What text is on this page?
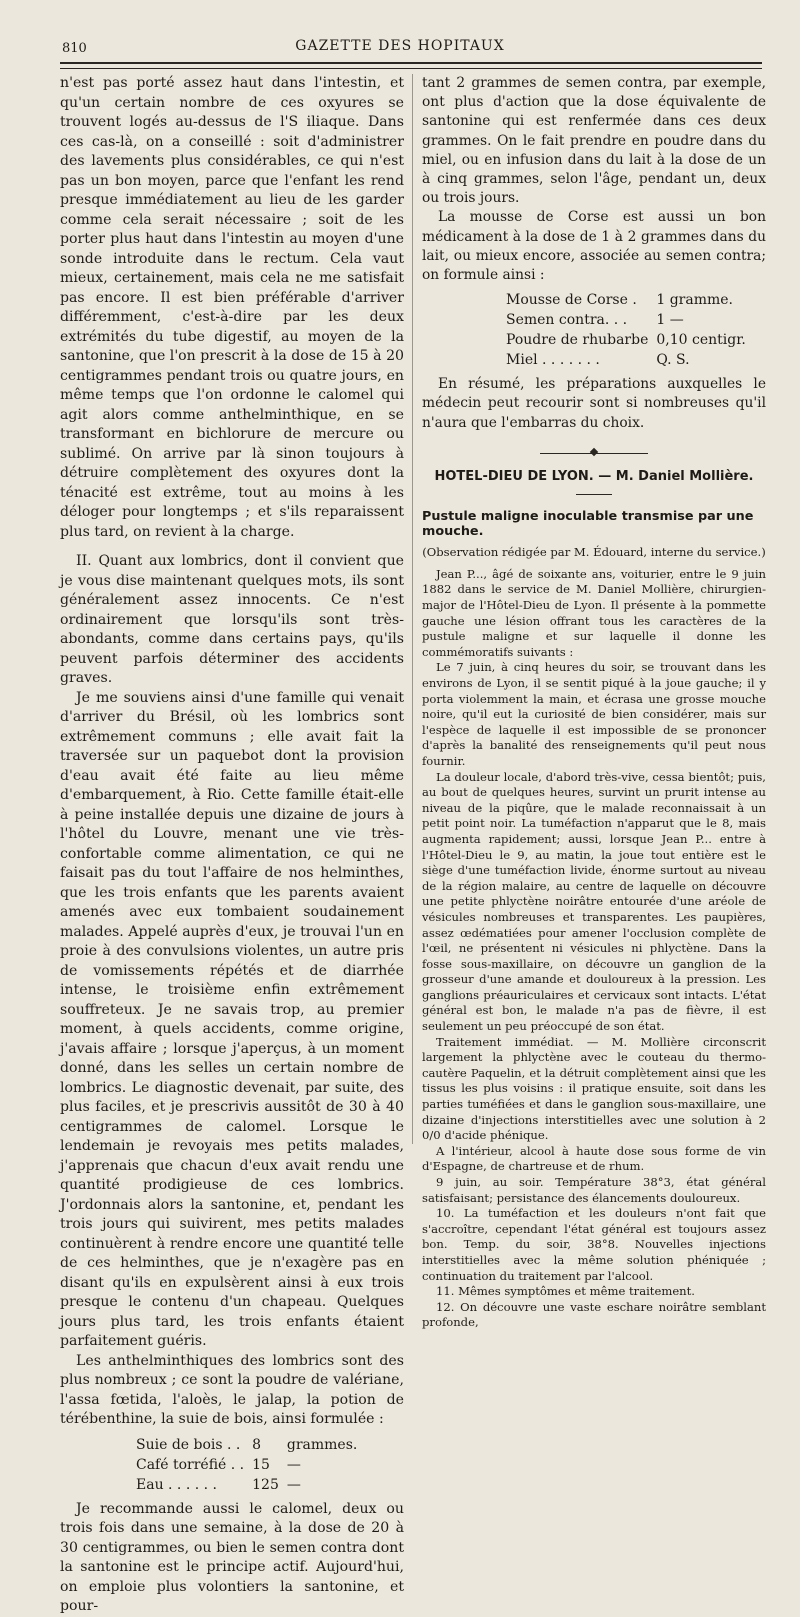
810	GAZETTE DES HOPITAUX

n'est pas porté assez haut dans l'intestin, et qu'un certain nombre de ces oxyures se trouvent logés au-dessus de l'S iliaque. Dans ces cas-là, on a conseillé : soit d'administrer des lavements plus considérables, ce qui n'est pas un bon moyen, parce que l'enfant les rend presque immédiatement au lieu de les garder comme cela serait nécessaire ; soit de les porter plus haut dans l'intestin au moyen d'une sonde introduite dans le rectum. Cela vaut mieux, certainement, mais cela ne me satisfait pas encore. Il est bien préférable d'arriver différemment, c'est-à-dire par les deux extrémités du tube digestif, au moyen de la santonine, que l'on prescrit à la dose de 15 à 20 centigrammes pendant trois ou quatre jours, en même temps que l'on ordonne le calomel qui agit alors comme anthelminthique, en se transformant en bichlorure de mercure ou sublimé. On arrive par là sinon toujours à détruire complètement des oxyures dont la ténacité est extrême, tout au moins à les déloger pour longtemps ; et s'ils reparaissent plus tard, on revient à la charge.

II. Quant aux lombrics, dont il convient que je vous dise maintenant quelques mots, ils sont généralement assez innocents. Ce n'est ordinairement que lorsqu'ils sont très-abondants, comme dans certains pays, qu'ils peuvent parfois déterminer des accidents graves.

Je me souviens ainsi d'une famille qui venait d'arriver du Brésil, où les lombrics sont extrêmement communs ; elle avait fait la traversée sur un paquebot dont la provision d'eau avait été faite au lieu même d'embarquement, à Rio. Cette famille était-elle à peine installée depuis une dizaine de jours à l'hôtel du Louvre, menant une vie très-confortable comme alimentation, ce qui ne faisait pas du tout l'affaire de nos helminthes, que les trois enfants que les parents avaient amenés avec eux tombaient soudainement malades. Appelé auprès d'eux, je trouvai l'un en proie à des convulsions violentes, un autre pris de vomissements répétés et de diarrhée intense, le troisième enfin extrêmement souffreteux. Je ne savais trop, au premier moment, à quels accidents, comme origine, j'avais affaire ; lorsque j'aperçus, à un moment donné, dans les selles un certain nombre de lombrics. Le diagnostic devenait, par suite, des plus faciles, et je prescrivis aussitôt de 30 à 40 centigrammes de calomel. Lorsque le lendemain je revoyais mes petits malades, j'apprenais que chacun d'eux avait rendu une quantité prodigieuse de ces lombrics. J'ordonnais alors la santonine, et, pendant les trois jours qui suivirent, mes petits malades continuèrent à rendre encore une quantité telle de ces helminthes, que je n'exagère pas en disant qu'ils en expulsèrent ainsi à eux trois presque le contenu d'un chapeau. Quelques jours plus tard, les trois enfants étaient parfaitement guéris.

Les anthelminthiques des lombrics sont des plus nombreux ; ce sont la poudre de valériane, l'assa fœtida, l'aloès, le jalap, la potion de térébenthine, la suie de bois, ainsi formulée :

Suie de bois . .	8	grammes.
Café torréfié . .	15	—
Eau . . . . . .	125	—

Je recommande aussi le calomel, deux ou trois fois dans une semaine, à la dose de 20 à 30 centigrammes, ou bien le semen contra dont la santonine est le principe actif. Aujourd'hui, on emploie plus volontiers la santonine, et pour-

tant 2 grammes de semen contra, par exemple, ont plus d'action que la dose équivalente de santonine qui est renfermée dans ces deux grammes. On le fait prendre en poudre dans du miel, ou en infusion dans du lait à la dose de un à cinq grammes, selon l'âge, pendant un, deux ou trois jours.

La mousse de Corse est aussi un bon médicament à la dose de 1 à 2 grammes dans du lait, ou mieux encore, associée au semen contra; on formule ainsi :

Mousse de Corse .	1 gramme.
Semen contra. . .	1 —
Poudre de rhubarbe	0,10 centigr.
Miel . . . . . . .	Q. S.

En résumé, les préparations auxquelles le médecin peut recourir sont si nombreuses qu'il n'aura que l'embarras du choix.

HOTEL-DIEU DE LYON. — M. Daniel Mollière.
Pustule maligne inoculable transmise par une mouche.
(Observation rédigée par M. Édouard, interne du service.)

Jean P..., âgé de soixante ans, voiturier, entre le 9 juin 1882 dans le service de M. Daniel Mollière, chirurgien-major de l'Hôtel-Dieu de Lyon. Il présente à la pommette gauche une lésion offrant tous les caractères de la pustule maligne et sur laquelle il donne les commémoratifs suivants :

Le 7 juin, à cinq heures du soir, se trouvant dans les environs de Lyon, il se sentit piqué à la joue gauche; il y porta violemment la main, et écrasa une grosse mouche noire, qu'il eut la curiosité de bien considérer, mais sur l'espèce de laquelle il est impossible de se prononcer d'après la banalité des renseignements qu'il peut nous fournir.

La douleur locale, d'abord très-vive, cessa bientôt; puis, au bout de quelques heures, survint un prurit intense au niveau de la piqûre, que le malade reconnaissait à un petit point noir. La tuméfaction n'apparut que le 8, mais augmenta rapidement; aussi, lorsque Jean P... entre à l'Hôtel-Dieu le 9, au matin, la joue tout entière est le siège d'une tuméfaction livide, énorme surtout au niveau de la région malaire, au centre de laquelle on découvre une petite phlyctène noirâtre entourée d'une aréole de vésicules nombreuses et transparentes. Les paupières, assez œdématiées pour amener l'occlusion complète de l'œil, ne présentent ni vésicules ni phlyctène. Dans la fosse sous-maxillaire, on découvre un ganglion de la grosseur d'une amande et douloureux à la pression. Les ganglions préauriculaires et cervicaux sont intacts. L'état général est bon, le malade n'a pas de fièvre, il est seulement un peu préoccupé de son état.

Traitement immédiat. — M. Mollière circonscrit largement la phlyctène avec le couteau du thermo-cautère Paquelin, et la détruit complètement ainsi que les tissus les plus voisins : il pratique ensuite, soit dans les parties tuméfiées et dans le ganglion sous-maxillaire, une dizaine d'injections interstitielles avec une solution à 2 0/0 d'acide phénique.

A l'intérieur, alcool à haute dose sous forme de vin d'Espagne, de chartreuse et de rhum.

9 juin, au soir. Température 38°3, état général satisfaisant; persistance des élancements douloureux.

10. La tuméfaction et les douleurs n'ont fait que s'accroître, cependant l'état général est toujours assez bon. Temp. du soir, 38°8. Nouvelles injections interstitielles avec la même solution phéniquée ; continuation du traitement par l'alcool.

11. Mêmes symptômes et même traitement.

12. On découvre une vaste eschare noirâtre semblant profonde,
